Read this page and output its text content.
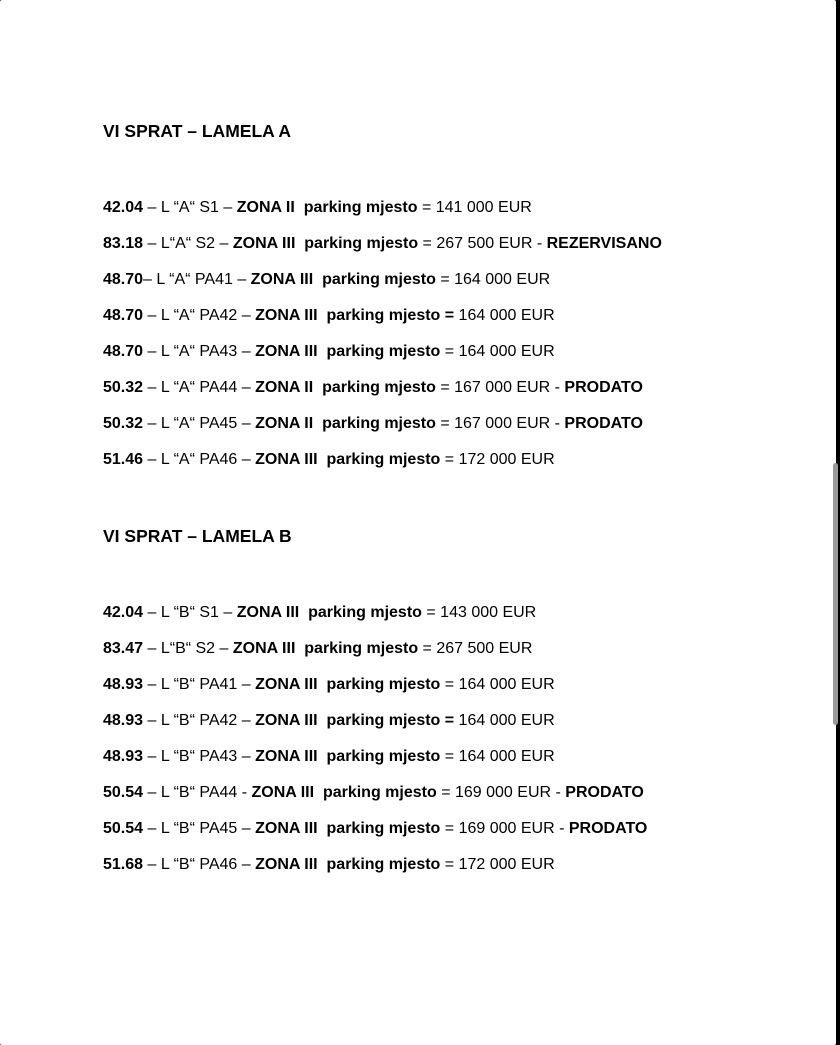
VI SPRAT – LAMELA A
42.04 – L “A“ S1 – ZONA II parking mjesto = 141 000 EUR
83.18 – L“A“ S2 – ZONA III parking mjesto = 267 500 EUR - REZERVISANO
48.70– L “A“ PA41 – ZONA III parking mjesto = 164 000 EUR
48.70 – L “A“ PA42 – ZONA III parking mjesto = 164 000 EUR
48.70 – L “A“ PA43 – ZONA III parking mjesto = 164 000 EUR
50.32 – L “A“ PA44 – ZONA II parking mjesto = 167 000 EUR - PRODATO
50.32 – L “A“ PA45 – ZONA II parking mjesto = 167 000 EUR - PRODATO
51.46 – L “A“ PA46 – ZONA III parking mjesto = 172 000 EUR
VI SPRAT – LAMELA B
42.04 – L “B“ S1 – ZONA III parking mjesto = 143 000 EUR
83.47 – L“B“ S2 – ZONA III parking mjesto = 267 500 EUR
48.93 – L “B“ PA41 – ZONA III parking mjesto = 164 000 EUR
48.93 – L “B“ PA42 – ZONA III parking mjesto = 164 000 EUR
48.93 – L “B“ PA43 – ZONA III parking mjesto = 164 000 EUR
50.54 – L “B“ PA44 - ZONA III parking mjesto = 169 000 EUR - PRODATO
50.54 – L “B“ PA45 – ZONA III parking mjesto = 169 000 EUR - PRODATO
51.68 – L “B“ PA46 – ZONA III parking mjesto = 172 000 EUR
